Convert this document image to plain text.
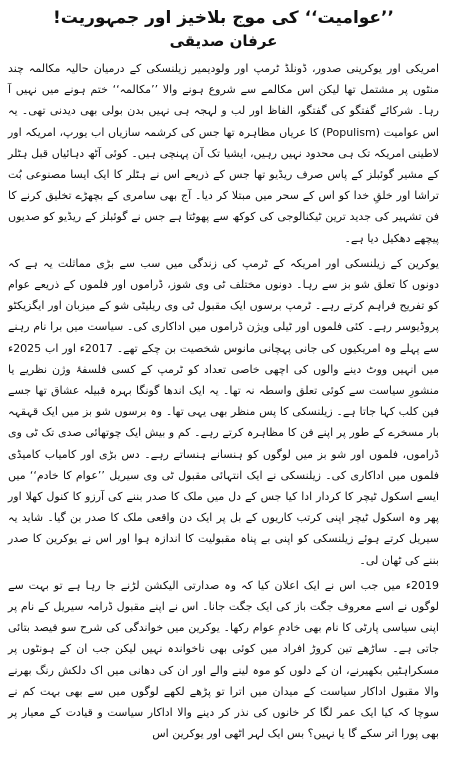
’’عوامیت‘‘ کی موج بلاخیز اور جمہوریت!
عرفان صدیقی

امریکی اور یوکرینی صدور، ڈونلڈ ٹرمپ اور ولودیمیر زیلنسکی کے درمیان حالیہ مکالمہ چند منٹوں پر مشتمل تھا لیکن اس مکالمے سے شروع ہونے والا ’’مکالمہ‘‘ ختم ہونے میں نہیں آ رہا۔ شرکائے گفتگو کی گفتگو، الفاظ اور لب و لہجہ ہی نہیں بدن بولی بھی دیدنی تھی۔ یہ اس عوامیت (Populism) کا عریاں مظاہرہ تھا جس کی کرشمہ سازیاں اب یورپ، امریکہ اور لاطینی امریکہ تک ہی محدود نہیں رہیں، ایشیا تک آن پہنچی ہیں۔ کوئی آٹھ دہائیاں قبل ہٹلر کے مشیر گوئبلز کے پاس صرف ریڈیو تھا جس کے ذریعے اس نے ہٹلر کا ایک ایسا مصنوعی بُت تراشا اور خلقِ خدا کو اس کے سحر میں مبتلا کر دیا۔ آج بھی سامری کے بچھڑے تخلیق کرنے کا فن تشہیر کی جدید ترین ٹیکنالوجی کی کوکھ سے پھوٹتا ہے جس نے گوئبلز کے ریڈیو کو صدیوں پیچھے دھکیل دیا ہے۔

یوکرین کے زیلنسکی اور امریکہ کے ٹرمپ کی زندگی میں سب سے بڑی مماثلت یہ ہے کہ دونوں کا تعلق شو بز سے رہا۔ دونوں مختلف ٹی وی شوز، ڈراموں اور فلموں کے ذریعے عوام کو تفریح فراہم کرتے رہے۔ ٹرمپ برسوں ایک مقبول ٹی وی ریلیٹی شو کے میزبان اور ایگزیکٹو پروڈیوسر رہے۔ کئی فلموں اور ٹیلی ویژن ڈراموں میں اداکاری کی۔ سیاست میں برا نام رہنے سے پہلے وہ امریکیوں کی جانی پہچانی مانوس شخصیت بن چکے تھے۔ 2017ء اور اب 2025ء میں انہیں ووٹ دینے والوں کی اچھی خاصی تعداد کو ٹرمپ کے کسی فلسفۂ وژن نظریے یا منشورِ سیاست سے کوئی تعلق واسطہ نہ تھا۔ یہ ایک اندھا گونگا بہرہ قبیلہ عشاق تھا جسے فین کلب کہا جاتا ہے۔ زیلنسکی کا پس منظر بھی یہی تھا۔ وہ برسوں شو بز میں ایک قہقہہ بار مسخرے کے طور پر اپنے فن کا مظاہرہ کرتے رہے۔ کم و بیش ایک چوتھائی صدی تک ٹی وی ڈراموں، فلموں اور شو بز میں لوگوں کو ہنسانے ہنساتے رہے۔ دس بڑی اور کامیاب کامیڈی فلموں میں اداکاری کی۔ زیلنسکی نے ایک انتہائی مقبول ٹی وی سیریل ’’عوام کا خادم‘‘ میں ایسے اسکول ٹیچر کا کردار ادا کیا جس کے دل میں ملک کا صدر بننے کی آرزو کا کنول کھلا اور پھر وہ اسکول ٹیچر اپنی کرتب کاریوں کے بل پر ایک دن واقعی ملک کا صدر بن گیا۔ شاید یہ سیریل کرتے ہوئے زیلنسکی کو اپنی بے پناہ مقبولیت کا اندازہ ہوا اور اس نے یوکرین کا صدر بننے کی ٹھان لی۔

2019ء میں جب اس نے ایک اعلان کیا کہ وہ صدارتی الیکشن لڑنے جا رہا ہے تو بہت سے لوگوں نے اسے معروف جگت باز کی ایک جگت جانا۔ اس نے اپنے مقبول ڈرامہ سیریل کے نام پر اپنی سیاسی پارٹی کا نام بھی خادمِ عوام رکھا۔ یوکرین میں خواندگی کی شرح سو فیصد بتائی جاتی ہے۔ ساڑھے تین کروڑ افراد میں کوئی بھی ناخواندہ نہیں لیکن جب ان کے ہونٹوں پر مسکراہٹیں بکھیرنے، ان کے دلوں کو موہ لینے والے اور ان کی دھانی میں اک دلکش رنگ بھرنے والا مقبول اداکار سیاست کے میدان میں اترا تو پڑھے لکھے لوگوں میں سے بھی بہت کم نے سوچا کہ کیا ایک عمر لگا کر خانوں کی نذر کر دینے والا اداکار سیاست و قیادت کے معیار پر بھی پورا اتر سکے گا یا نہیں؟ بس ایک لہر اٹھی اور یوکرین اس
